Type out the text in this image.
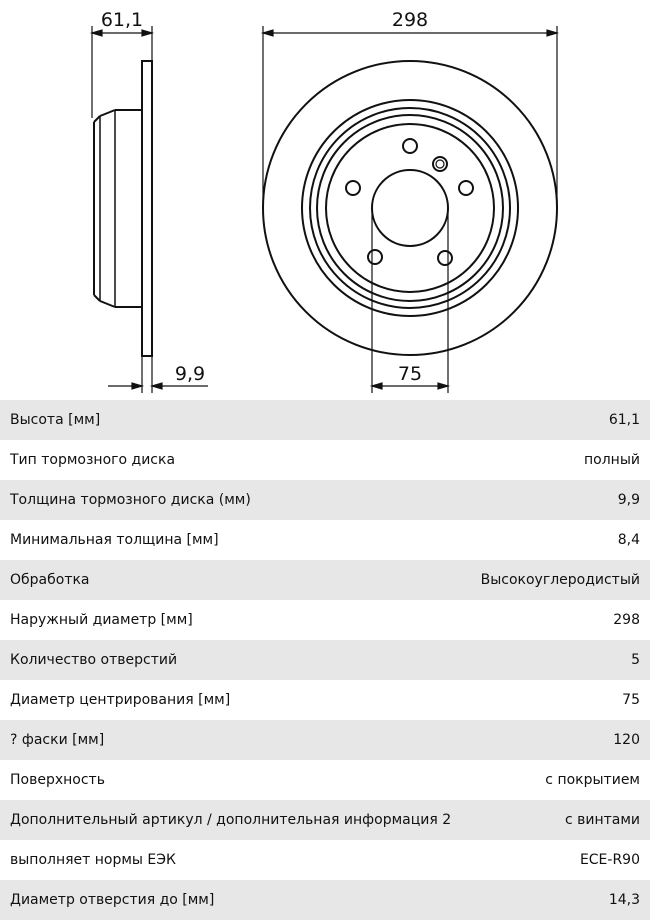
61,1
9,9
298
75
Высота [мм]	61,1
Тип тормозного диска	полный
Толщина тормозного диска (мм)	9,9
Минимальная толщина [мм]	8,4
Обработка	Высокоуглеродистый
Наружный диаметр [мм]	298
Количество отверстий	5
Диаметр центрирования [мм]	75
? фаски [мм]	120
Поверхность	с покрытием
Дополнительный артикул / дополнительная информация 2	с винтами
выполняет нормы ЕЭК	ECE-R90
Диаметр отверстия до [мм]	14,3
